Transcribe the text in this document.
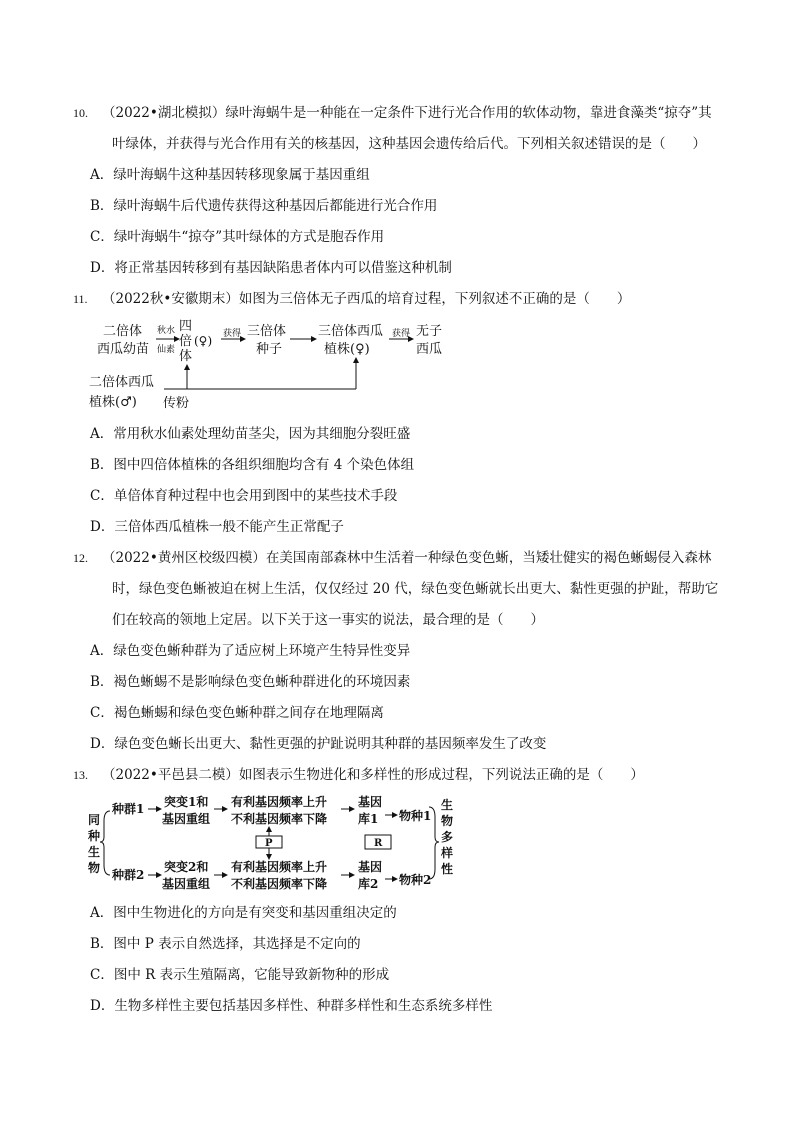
10. （2022•湖北模拟）绿叶海蜗牛是一种能在一定条件下进行光合作用的软体动物，靠进食藻类“掠夺”其
叶绿体，并获得与光合作用有关的核基因，这种基因会遗传给后代。下列相关叙述错误的是（　　）
A．绿叶海蜗牛这种基因转移现象属于基因重组
B．绿叶海蜗牛后代遗传获得这种基因后都能进行光合作用
C．绿叶海蜗牛“掠夺”其叶绿体的方式是胞吞作用
D．将正常基因转移到有基因缺陷患者体内可以借鉴这种机制
11. （2022秋•安徽期末）如图为三倍体无子西瓜的培育过程，下列叙述不正确的是（　　）
二倍体
西瓜幼苗
秋水
仙素
四
倍
体
(♀) 获得 三倍体
种子
三倍体西瓜
植株(♀)
获得 无子
西瓜
二倍体西瓜
植株(♂) 传粉
A．常用秋水仙素处理幼苗茎尖，因为其细胞分裂旺盛
B．图中四倍体植株的各组织细胞均含有 4 个染色体组
C．单倍体育种过程中也会用到图中的某些技术手段
D．三倍体西瓜植株一般不能产生正常配子
12. （2022•黄州区校级四模）在美国南部森林中生活着一种绿色变色蜥，当矮壮健实的褐色蜥蜴侵入森林
时，绿色变色蜥被迫在树上生活，仅仅经过 20 代，绿色变色蜥就长出更大、黏性更强的护趾，帮助它
们在较高的领地上定居。以下关于这一事实的说法，最合理的是（　　）
A．绿色变色蜥种群为了适应树上环境产生特异性变异
B．褐色蜥蜴不是影响绿色变色蜥种群进化的环境因素
C．褐色蜥蜴和绿色变色蜥种群之间存在地理隔离
D．绿色变色蜥长出更大、黏性更强的护趾说明其种群的基因频率发生了改变
13. （2022•平邑县二模）如图表示生物进化和多样性的形成过程，下列说法正确的是（　　）
同
种
生
物
种群1
种群2
突变1和
基因重组
突变2和
基因重组
有利基因频率上升
不利基因频率下降
有利基因频率上升
不利基因频率下降
P
基因
库1
基因
库2
R
物种1
物种2
生
物
多
样
性
A．图中生物进化的方向是有突变和基因重组决定的
B．图中 P 表示自然选择，其选择是不定向的
C．图中 R 表示生殖隔离，它能导致新物种的形成
D．生物多样性主要包括基因多样性、种群多样性和生态系统多样性
